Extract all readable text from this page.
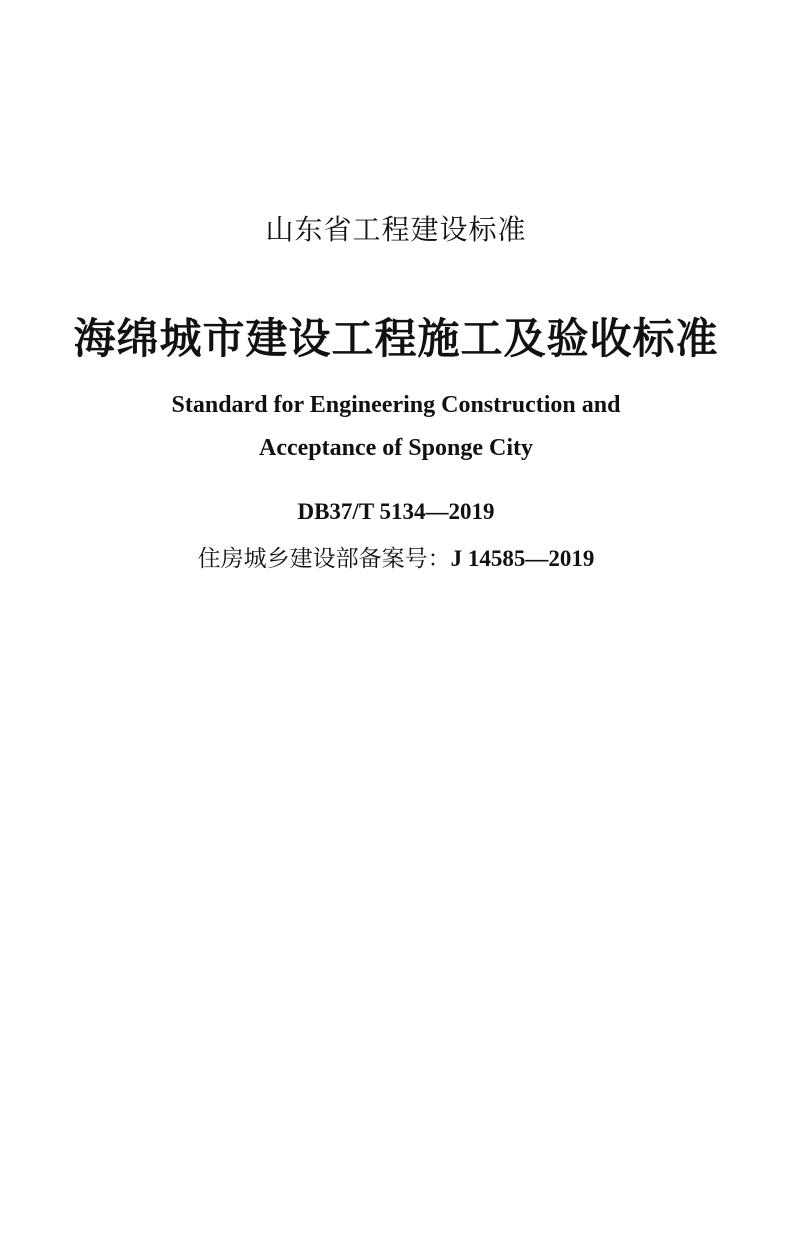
山东省工程建设标准
海绵城市建设工程施工及验收标准
Standard for Engineering Construction and
Acceptance of Sponge City
DB37/T 5134—2019
住房城乡建设部备案号：J 14585—2019
